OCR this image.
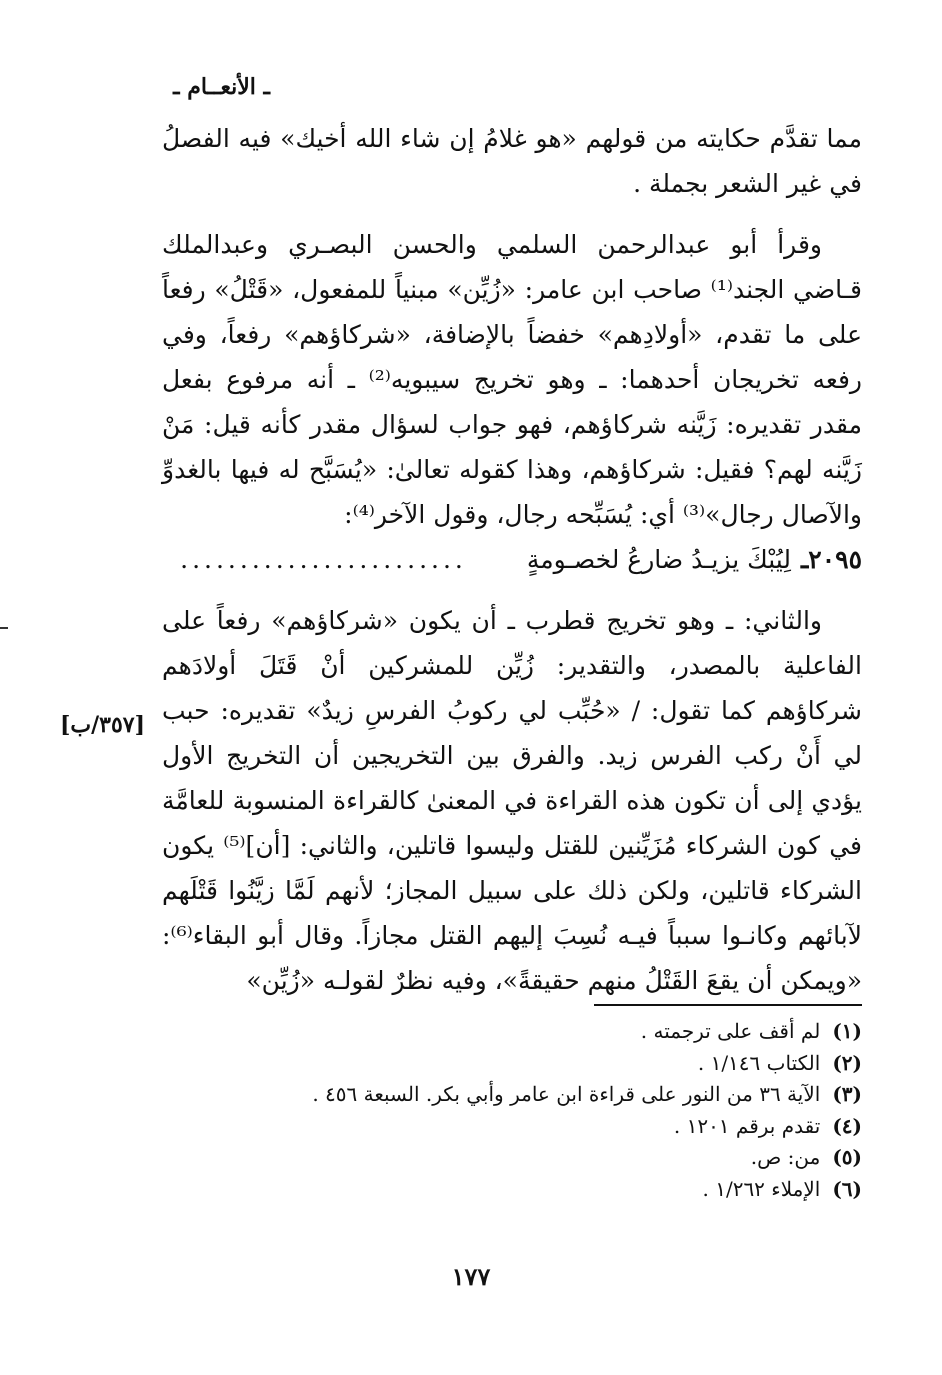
ـ الأنعــام ـ

مما تقدَّم حكايته من قولهم «هو غلامُ إن شاء الله أخيك» فيه الفصلُ في غير الشعر بجملة .

وقرأ أبو عبدالرحمن السلمي والحسن البصـري وعبدالملك قـاضي الجند⁽¹⁾ صاحب ابن عامر: «زُيِّن» مبنياً للمفعول، «قَتْلُ» رفعاً على ما تقدم، «أولادِهم» خفضاً بالإضافة، «شركاؤهم» رفعاً، وفي رفعه تخريجان أحدهما: ـ وهو تخريج سيبويه⁽²⁾ ـ أنه مرفوع بفعل مقدر تقديره: زَيَّنه شركاؤهم، فهو جواب لسؤال مقدر كأنه قيل: مَنْ زَيَّنه لهم؟ فقيل: شركاؤهم، وهذا كقوله تعالىٰ: «يُسَبَّح له فيها بالغدوِّ والآصال رجال»⁽³⁾ أي: يُسَبِّحه رجال، وقول الآخر⁽⁴⁾:

٢٠٩٥ـ
لِيُبْكَ يزيـدُ ضارعُ لخصـومةٍ
........................

والثاني: ـ وهو تخريج قطرب ـ أن يكون «شركاؤهم» رفعاً على الفاعلية بالمصدر، والتقدير: زُيِّن للمشركين أنْ قَتَلَ أولادَهم شركاؤهم كما تقول: / «حُبِّب لي ركوبُ الفرسِ زيدٌ» تقديره: حبب لي أَنْ ركب الفرس زيد. والفرق بين التخريجين أن التخريج الأول يؤدي إلى أن تكون هذه القراءة في المعنىٰ كالقراءة المنسوبة للعامَّة في كون الشركاء مُزَيِّنين للقتل وليسوا قاتلين، والثاني: [أن]⁽⁵⁾ يكون الشركاء قاتلين، ولكن ذلك على سبيل المجاز؛ لأنهم لَمَّا زيَّنُوا قَتْلَهم لآبائهم وكانـوا سبباً فيـه نُسِبَ إليهم القتل مجازاً. وقال أبو البقاء⁽⁶⁾: «ويمكن أن يقعَ القَتْلُ منهم حقيقةً»، وفيه نظرٌ لقولـه «زُيِّن»

[٣٥٧/ب]
(١)لم أقف على ترجمته .
(٢)الكتاب ١/١٤٦ .
(٣)الآية ٣٦ من النور على قراءة ابن عامر وأبي بكر. السبعة ٤٥٦ .
(٤)تقدم برقم ١٢٠١ .
(٥)من: ص.
(٦)الإملاء ١/٢٦٢ .
١٧٧
